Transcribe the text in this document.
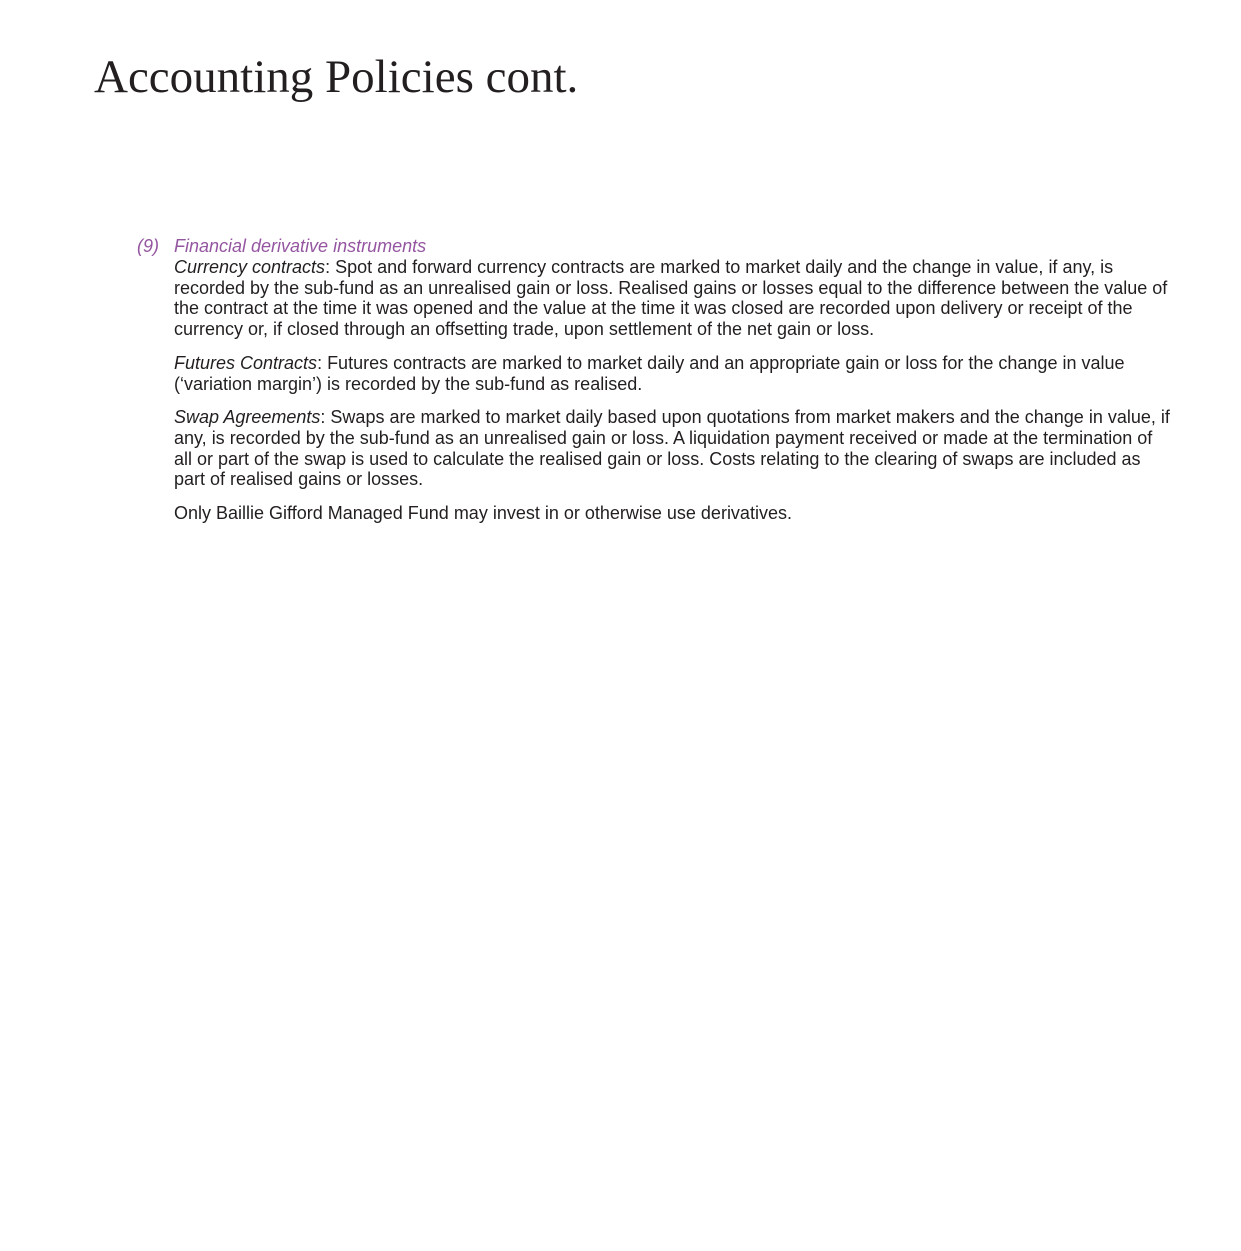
Accounting Policies cont.
(9) Financial derivative instruments

Currency contracts: Spot and forward currency contracts are marked to market daily and the change in value, if any, is recorded by the sub-fund as an unrealised gain or loss. Realised gains or losses equal to the difference between the value of the contract at the time it was opened and the value at the time it was closed are recorded upon delivery or receipt of the currency or, if closed through an offsetting trade, upon settlement of the net gain or loss.

Futures Contracts: Futures contracts are marked to market daily and an appropriate gain or loss for the change in value (‘variation margin’) is recorded by the sub-fund as realised.

Swap Agreements: Swaps are marked to market daily based upon quotations from market makers and the change in value, if any, is recorded by the sub-fund as an unrealised gain or loss. A liquidation payment received or made at the termination of all or part of the swap is used to calculate the realised gain or loss. Costs relating to the clearing of swaps are included as part of realised gains or losses.

Only Baillie Gifford Managed Fund may invest in or otherwise use derivatives.
